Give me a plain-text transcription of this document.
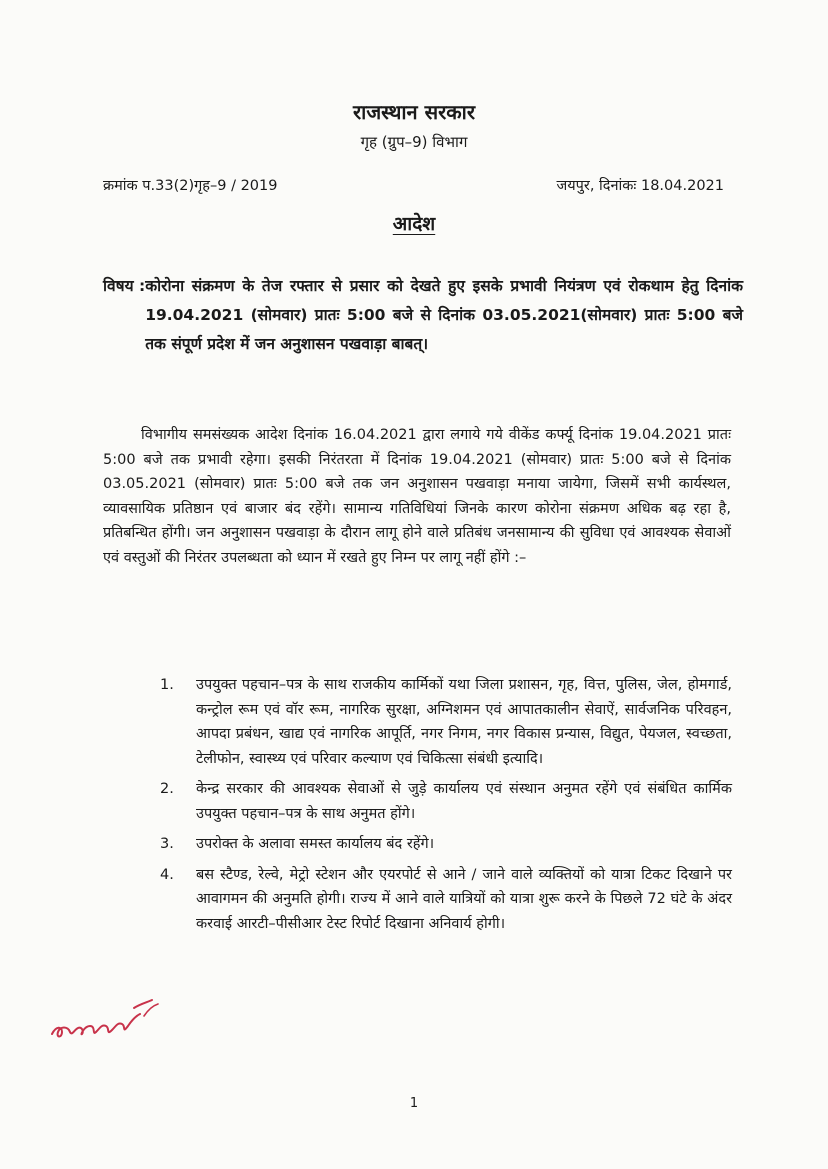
राजस्थान सरकार
गृह (ग्रुप–9) विभाग
क्रमांक प.33(2)गृह–9 / 2019	जयपुर, दिनांकः 18.04.2021
आदेश
विषय : कोरोना संक्रमण के तेज रफ्तार से प्रसार को देखते हुए इसके प्रभावी नियंत्रण एवं रोकथाम हेतु दिनांक 19.04.2021 (सोमवार) प्रातः 5:00 बजे से दिनांक 03.05.2021(सोमवार) प्रातः 5:00 बजे तक संपूर्ण प्रदेश में जन अनुशासन पखवाड़ा बाबत्।

विभागीय समसंख्यक आदेश दिनांक 16.04.2021 द्वारा लगाये गये वीकेंड कर्फ्यू दिनांक 19.04.2021 प्रातः 5:00 बजे तक प्रभावी रहेगा। इसकी निरंतरता में दिनांक 19.04.2021 (सोमवार) प्रातः 5:00 बजे से दिनांक 03.05.2021 (सोमवार) प्रातः 5:00 बजे तक जन अनुशासन पखवाड़ा मनाया जायेगा, जिसमें सभी कार्यस्थल, व्यावसायिक प्रतिष्ठान एवं बाजार बंद रहेंगे। सामान्य गतिविधियां जिनके कारण कोरोना संक्रमण अधिक बढ़ रहा है, प्रतिबन्धित होंगी। जन अनुशासन पखवाड़ा के दौरान लागू होने वाले प्रतिबंध जनसामान्य की सुविधा एवं आवश्यक सेवाओं एवं वस्तुओं की निरंतर उपलब्धता को ध्यान में रखते हुए निम्न पर लागू नहीं होंगे :–

1.	उपयुक्त पहचान–पत्र के साथ राजकीय कार्मिकों यथा जिला प्रशासन, गृह, वित्त, पुलिस, जेल, होमगार्ड, कन्ट्रोल रूम एवं वॉर रूम, नागरिक सुरक्षा, अग्निशमन एवं आपातकालीन सेवाऐं, सार्वजनिक परिवहन, आपदा प्रबंधन, खाद्य एवं नागरिक आपूर्ति, नगर निगम, नगर विकास प्रन्यास, विद्युत, पेयजल, स्वच्छता, टेलीफोन, स्वास्थ्य एवं परिवार कल्याण एवं चिकित्सा संबंधी इत्यादि।
2.	केन्द्र सरकार की आवश्यक सेवाओं से जुड़े कार्यालय एवं संस्थान अनुमत रहेंगे एवं संबंधित कार्मिक उपयुक्त पहचान–पत्र के साथ अनुमत होंगे।
3.	उपरोक्त के अलावा समस्त कार्यालय बंद रहेंगे।
4.	बस स्टैण्ड, रेल्वे, मेट्रो स्टेशन और एयरपोर्ट से आने / जाने वाले व्यक्तियों को यात्रा टिकट दिखाने पर आवागमन की अनुमति होगी। राज्य में आने वाले यात्रियों को यात्रा शुरू करने के पिछले 72 घंटे के अंदर करवाई आरटी–पीसीआर टेस्ट रिपोर्ट दिखाना अनिवार्य होगी।
1
